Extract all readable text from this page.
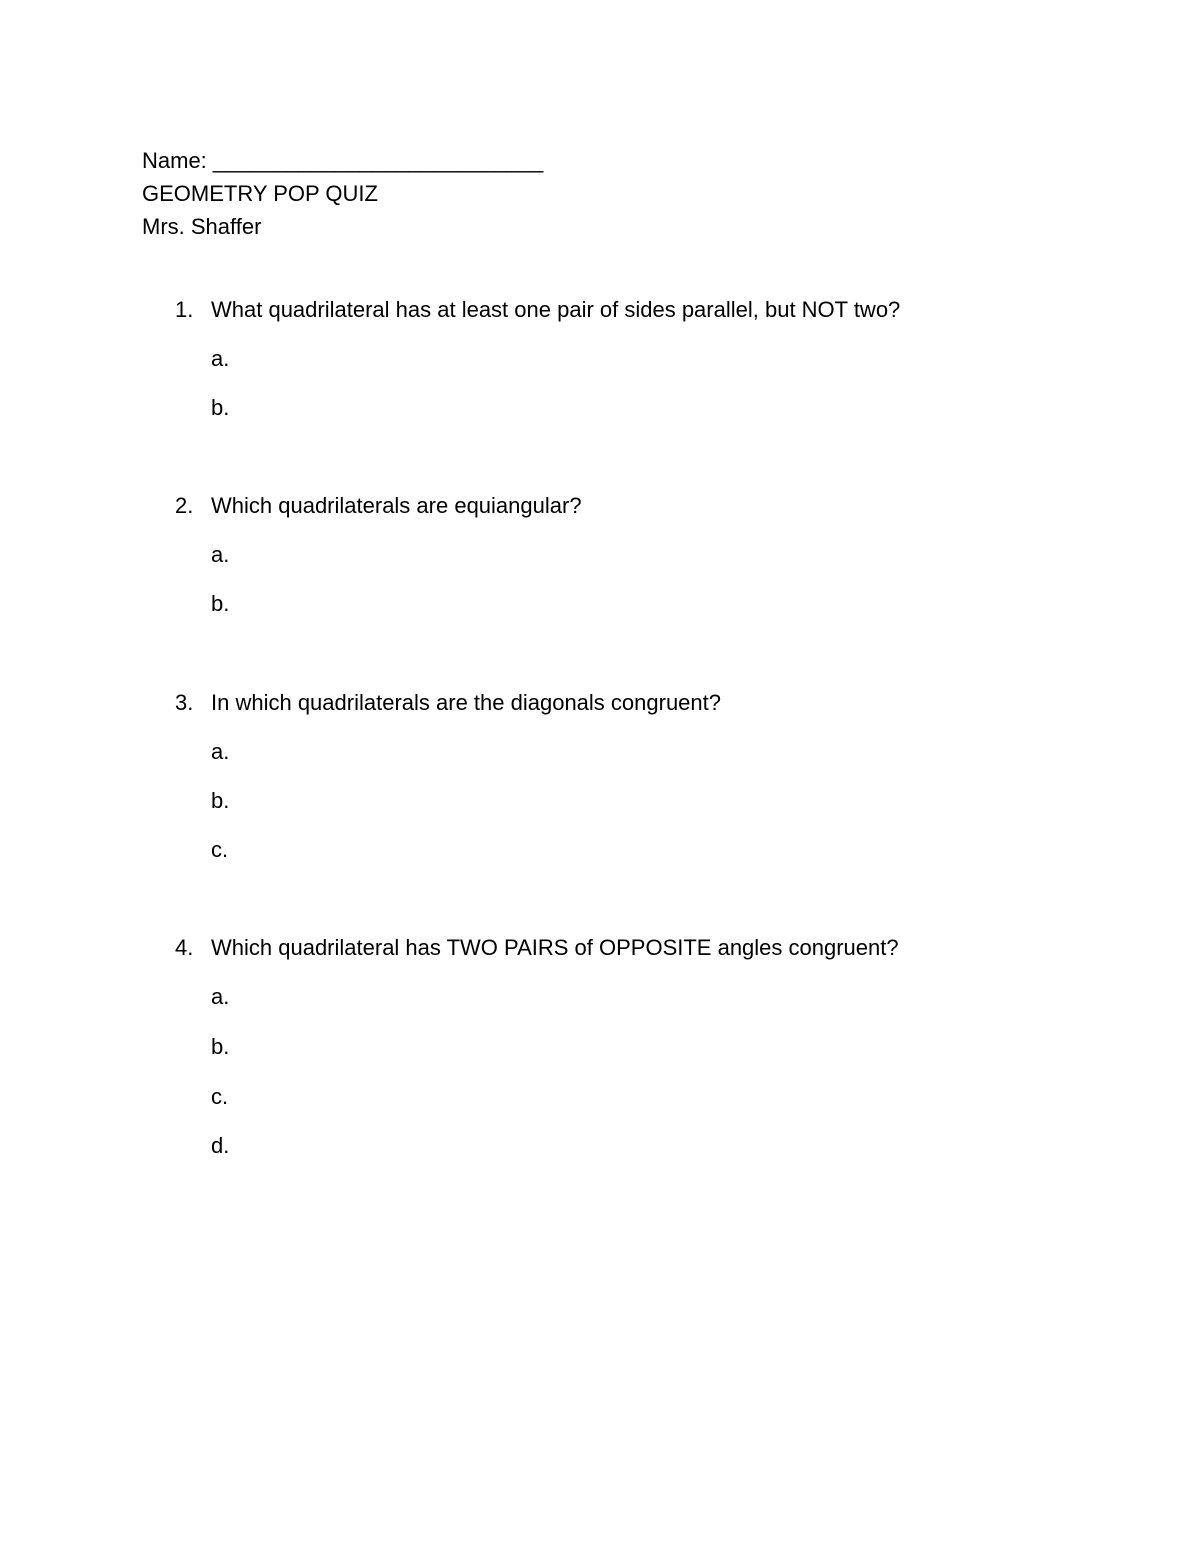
Name: ___________________________
GEOMETRY POP QUIZ
Mrs. Shaffer
1. What quadrilateral has at least one pair of sides parallel, but NOT two?
a.
b.
2. Which quadrilaterals are equiangular?
a.
b.
3. In which quadrilaterals are the diagonals congruent?
a.
b.
c.
4. Which quadrilateral has TWO PAIRS of OPPOSITE angles congruent?
a.
b.
c.
d.
